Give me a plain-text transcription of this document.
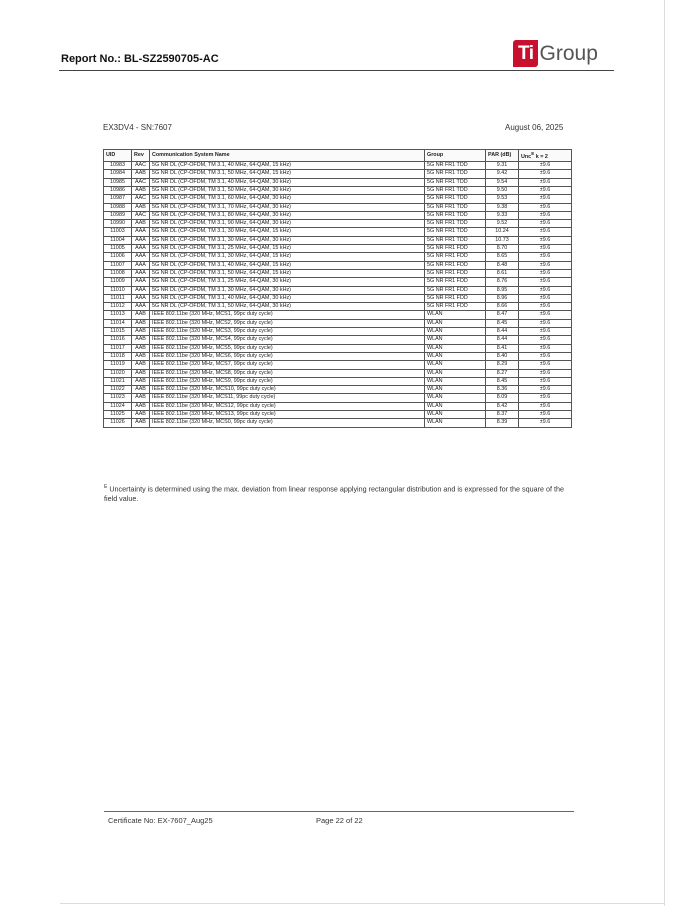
Report No.: BL-SZ2590705-AC	Ti Group
EX3DV4 - SN:7607	August 06, 2025
UID	Rev	Communication System Name	Group	PAR (dB)	Unc$^E$ k = 2
10983	AAC	5G NR DL (CP-OFDM, TM 3.1, 40 MHz, 64-QAM, 15 kHz)	5G NR FR1 TDD	9.31	±9.6
10984	AAB	5G NR DL (CP-OFDM, TM 3.1, 50 MHz, 64-QAM, 15 kHz)	5G NR FR1 TDD	9.42	±9.6
10985	AAC	5G NR DL (CP-OFDM, TM 3.1, 40 MHz, 64-QAM, 30 kHz)	5G NR FR1 TDD	9.54	±9.6
10986	AAB	5G NR DL (CP-OFDM, TM 3.1, 50 MHz, 64-QAM, 30 kHz)	5G NR FR1 TDD	9.50	±9.6
10987	AAC	5G NR DL (CP-OFDM, TM 3.1, 60 MHz, 64-QAM, 30 kHz)	5G NR FR1 TDD	9.53	±9.6
10988	AAB	5G NR DL (CP-OFDM, TM 3.1, 70 MHz, 64-QAM, 30 kHz)	5G NR FR1 TDD	9.38	±9.6
10989	AAC	5G NR DL (CP-OFDM, TM 3.1, 80 MHz, 64-QAM, 30 kHz)	5G NR FR1 TDD	9.33	±9.6
10990	AAB	5G NR DL (CP-OFDM, TM 3.1, 90 MHz, 64-QAM, 30 kHz)	5G NR FR1 TDD	9.52	±9.6
11003	AAA	5G NR DL (CP-OFDM, TM 3.1, 30 MHz, 64-QAM, 15 kHz)	5G NR FR1 TDD	10.24	±9.6
11004	AAA	5G NR DL (CP-OFDM, TM 3.1, 30 MHz, 64-QAM, 30 kHz)	5G NR FR1 TDD	10.73	±9.6
11005	AAA	5G NR DL (CP-OFDM, TM 3.1, 25 MHz, 64-QAM, 15 kHz)	5G NR FR1 FDD	8.70	±9.6
11006	AAA	5G NR DL (CP-OFDM, TM 3.1, 30 MHz, 64-QAM, 15 kHz)	5G NR FR1 FDD	8.65	±9.6
11007	AAA	5G NR DL (CP-OFDM, TM 3.1, 40 MHz, 64-QAM, 15 kHz)	5G NR FR1 FDD	8.48	±9.6
11008	AAA	5G NR DL (CP-OFDM, TM 3.1, 50 MHz, 64-QAM, 15 kHz)	5G NR FR1 FDD	8.61	±9.6
11009	AAA	5G NR DL (CP-OFDM, TM 3.1, 25 MHz, 64-QAM, 30 kHz)	5G NR FR1 FDD	8.76	±9.6
11010	AAA	5G NR DL (CP-OFDM, TM 3.1, 30 MHz, 64-QAM, 30 kHz)	5G NR FR1 FDD	8.95	±9.6
11011	AAA	5G NR DL (CP-OFDM, TM 3.1, 40 MHz, 64-QAM, 30 kHz)	5G NR FR1 FDD	8.96	±9.6
11012	AAA	5G NR DL (CP-OFDM, TM 3.1, 50 MHz, 64-QAM, 30 kHz)	5G NR FR1 FDD	8.66	±9.6
11013	AAB	IEEE 802.11be (320 MHz, MCS1, 99pc duty cycle)	WLAN	8.47	±9.6
11014	AAB	IEEE 802.11be (320 MHz, MCS2, 99pc duty cycle)	WLAN	8.45	±9.6
11015	AAB	IEEE 802.11be (320 MHz, MCS3, 99pc duty cycle)	WLAN	8.44	±9.6
11016	AAB	IEEE 802.11be (320 MHz, MCS4, 99pc duty cycle)	WLAN	8.44	±9.6
11017	AAB	IEEE 802.11be (320 MHz, MCS5, 99pc duty cycle)	WLAN	8.41	±9.6
11018	AAB	IEEE 802.11be (320 MHz, MCS6, 99pc duty cycle)	WLAN	8.40	±9.6
11019	AAB	IEEE 802.11be (320 MHz, MCS7, 99pc duty cycle)	WLAN	8.29	±9.6
11020	AAB	IEEE 802.11be (320 MHz, MCS8, 99pc duty cycle)	WLAN	8.27	±9.6
11021	AAB	IEEE 802.11be (320 MHz, MCS9, 99pc duty cycle)	WLAN	8.45	±9.6
11022	AAB	IEEE 802.11be (320 MHz, MCS10, 99pc duty cycle)	WLAN	8.36	±9.6
11023	AAB	IEEE 802.11be (320 MHz, MCS11, 99pc duty cycle)	WLAN	8.09	±9.6
11024	AAB	IEEE 802.11be (320 MHz, MCS12, 99pc duty cycle)	WLAN	8.42	±9.6
11025	AAB	IEEE 802.11be (320 MHz, MCS13, 99pc duty cycle)	WLAN	8.37	±9.6
11026	AAB	IEEE 802.11be (320 MHz, MCS0, 99pc duty cycle)	WLAN	8.39	±9.6
$^E$ Uncertainty is determined using the max. deviation from linear response applying rectangular distribution and is expressed for the square of the field value.
Certificate No: EX-7607_Aug25	Page 22 of 22
